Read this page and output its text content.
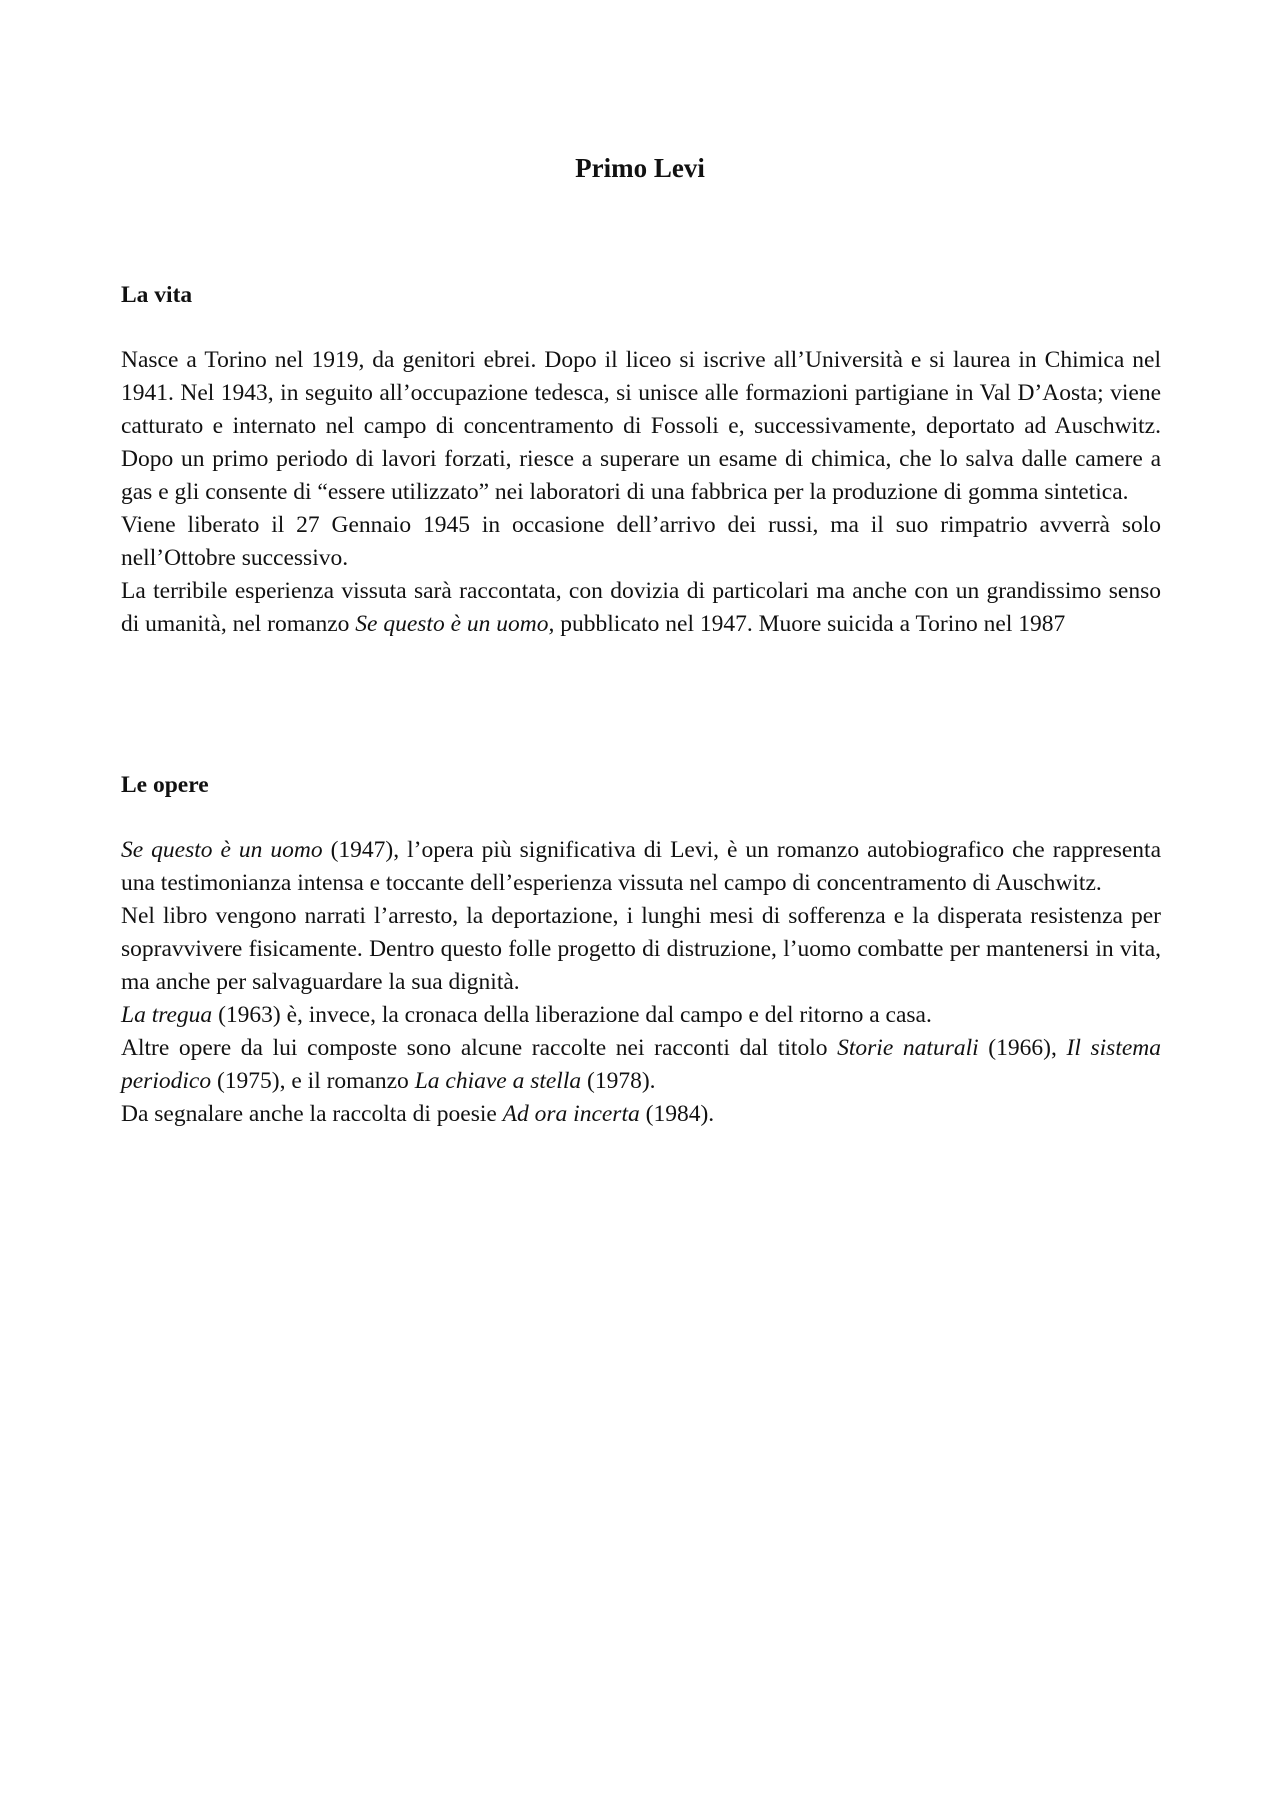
Primo Levi
La vita

Nasce a Torino nel 1919, da genitori ebrei. Dopo il liceo si iscrive all’Università e si laurea in Chimica nel 1941. Nel 1943, in seguito all’occupazione tedesca, si unisce alle formazioni partigiane in Val D’Aosta; viene catturato e internato nel campo di concentramento di Fossoli e, successivamente, deportato ad Auschwitz. Dopo un primo periodo di lavori forzati, riesce a superare un esame di chimica, che lo salva dalle camere a gas e gli consente di “essere utilizzato” nei laboratori di una fabbrica per la produzione di gomma sintetica.

Viene liberato il 27 Gennaio 1945 in occasione dell’arrivo dei russi, ma il suo rimpatrio avverrà solo nell’Ottobre successivo.

La terribile esperienza vissuta sarà raccontata, con dovizia di particolari ma anche con un grandissimo senso di umanità, nel romanzo Se questo è un uomo, pubblicato nel 1947. Muore suicida a Torino nel 1987

Le opere

Se questo è un uomo (1947), l’opera più significativa di Levi, è un romanzo autobiografico che rappresenta una testimonianza intensa e toccante dell’esperienza vissuta nel campo di concentramento di Auschwitz.

Nel libro vengono narrati l’arresto, la deportazione, i lunghi mesi di sofferenza e la disperata resistenza per sopravvivere fisicamente. Dentro questo folle progetto di distruzione, l’uomo combatte per mantenersi in vita, ma anche per salvaguardare la sua dignità.

La tregua (1963) è, invece, la cronaca della liberazione dal campo e del ritorno a casa.

Altre opere da lui composte sono alcune raccolte nei racconti dal titolo Storie naturali (1966), Il sistema periodico (1975), e il romanzo La chiave a stella (1978).

Da segnalare anche la raccolta di poesie Ad ora incerta (1984).
